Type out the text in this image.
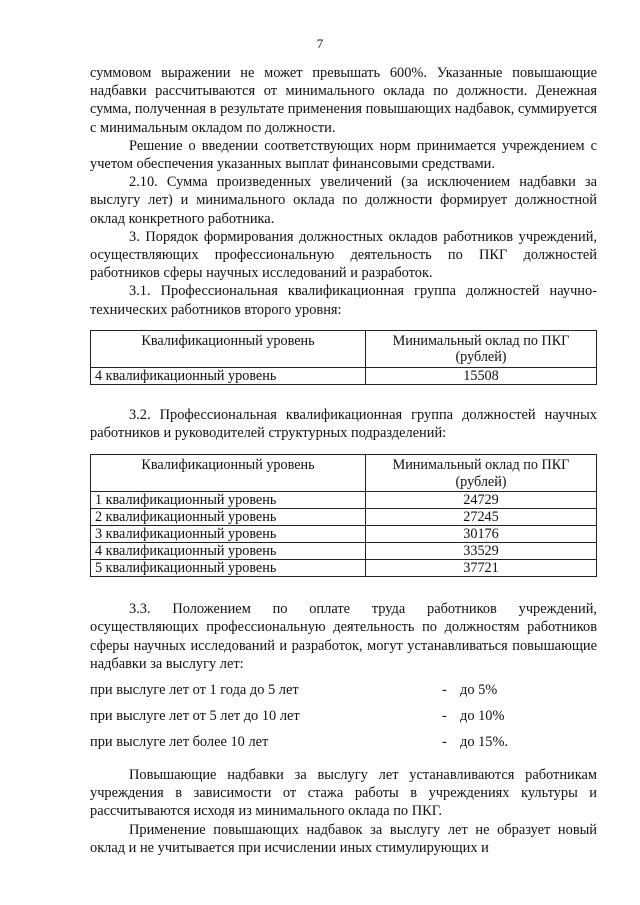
7

суммовом выражении не может превышать 600%. Указанные повышающие надбавки рассчитываются от минимального оклада по должности. Денежная сумма, полученная в результате применения повышающих надбавок, суммируется с минимальным окладом по должности.

Решение о введении соответствующих норм принимается учреждением с учетом обеспечения указанных выплат финансовыми средствами.

2.10. Сумма произведенных увеличений (за исключением надбавки за выслугу лет) и минимального оклада по должности формирует должностной оклад конкретного работника.

3. Порядок формирования должностных окладов работников учреждений, осуществляющих профессиональную деятельность по ПКГ должностей работников сферы научных исследований и разработок.

3.1. Профессиональная квалификационная группа должностей научно-технических работников второго уровня:

Квалификационный уровень	Минимальный оклад по ПКГ (рублей)
4 квалификационный уровень	15508

3.2. Профессиональная квалификационная группа должностей научных работников и руководителей структурных подразделений:

Квалификационный уровень	Минимальный оклад по ПКГ (рублей)
1 квалификационный уровень	24729
2 квалификационный уровень	27245
3 квалификационный уровень	30176
4 квалификационный уровень	33529
5 квалификационный уровень	37721

3.3. Положением по оплате труда работников учреждений, осуществляющих профессиональную деятельность по должностям работников сферы научных исследований и разработок, могут устанавливаться повышающие надбавки за выслугу лет:

при выслуге лет от 1 года до 5 лет	- до 5%
при выслуге лет от 5 лет до 10 лет	- до 10%
при выслуге лет более 10 лет	- до 15%.

Повышающие надбавки за выслугу лет устанавливаются работникам учреждения в зависимости от стажа работы в учреждениях культуры и рассчитываются исходя из минимального оклада по ПКГ.

Применение повышающих надбавок за выслугу лет не образует новый оклад и не учитывается при исчислении иных стимулирующих и
